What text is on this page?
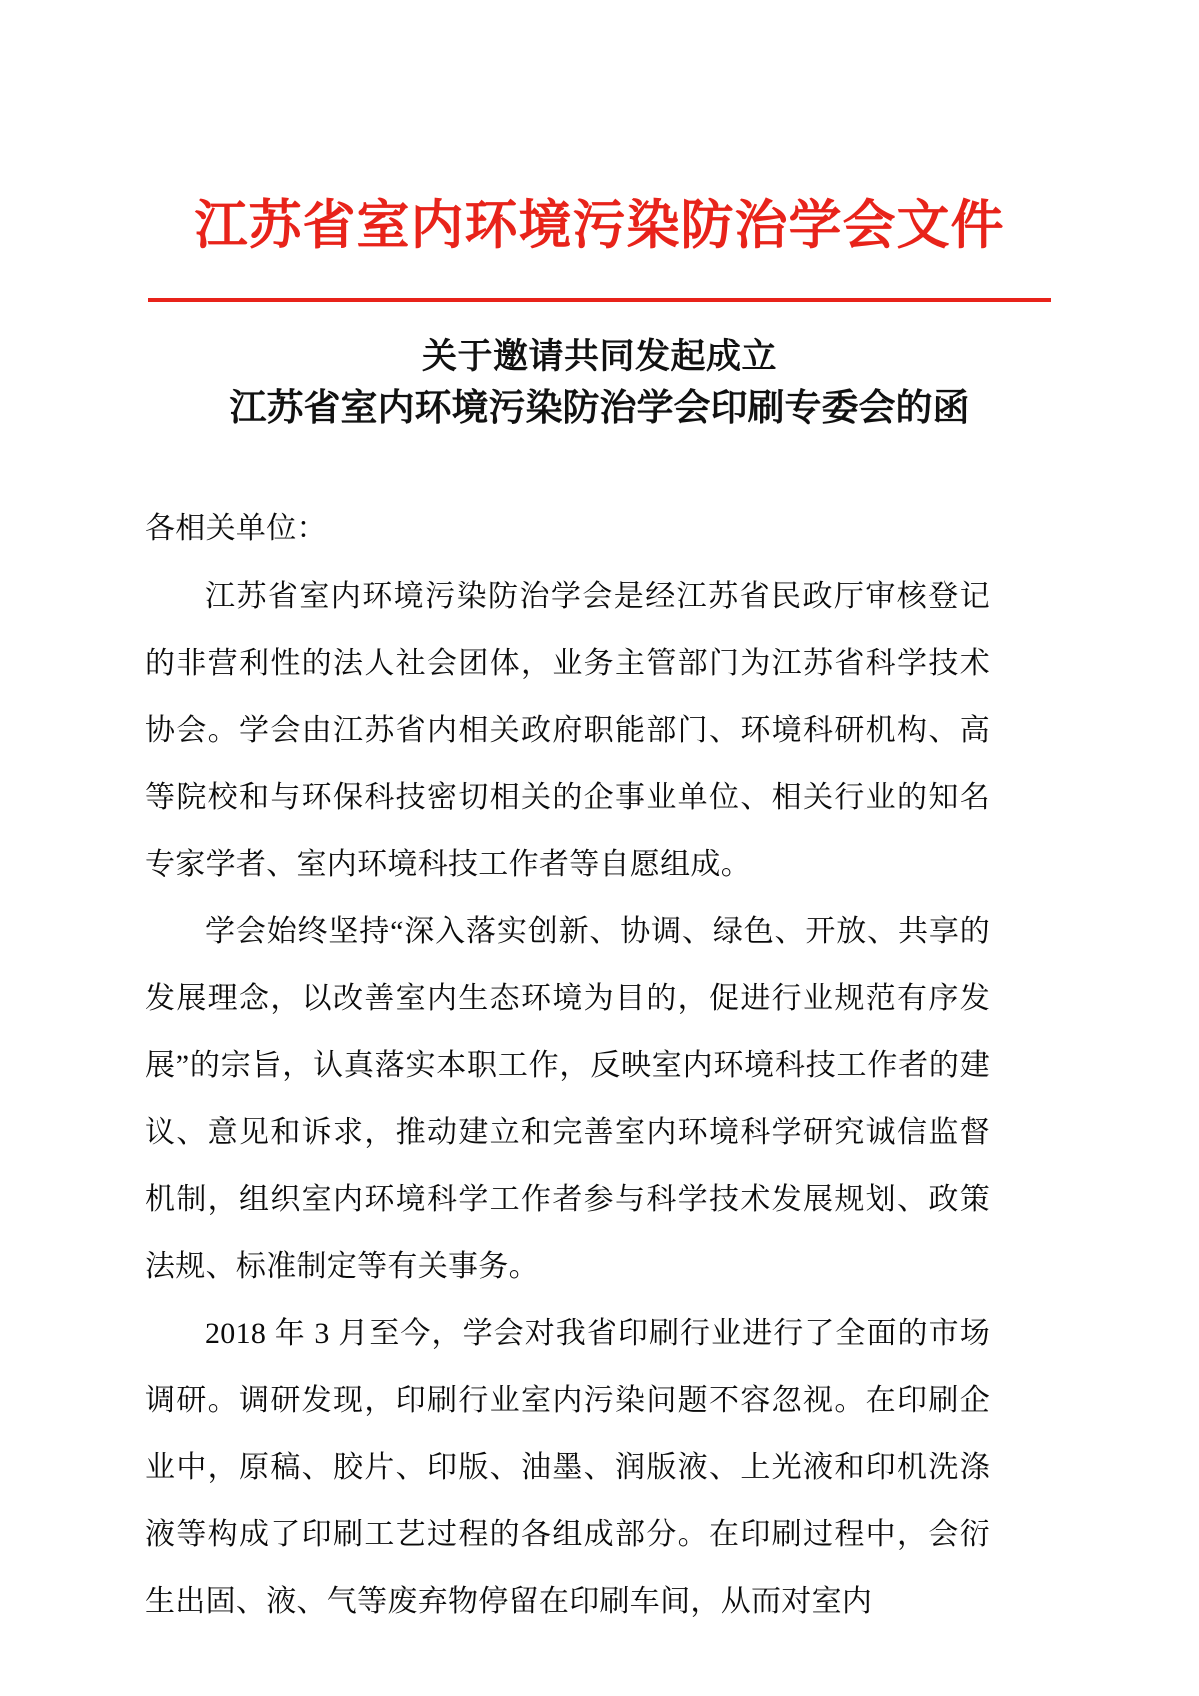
江苏省室内环境污染防治学会文件
关于邀请共同发起成立
江苏省室内环境污染防治学会印刷专委会的函

各相关单位：

江苏省室内环境污染防治学会是经江苏省民政厅审核登记的非营利性的法人社会团体，业务主管部门为江苏省科学技术协会。学会由江苏省内相关政府职能部门、环境科研机构、高等院校和与环保科技密切相关的企事业单位、相关行业的知名专家学者、室内环境科技工作者等自愿组成。

学会始终坚持“深入落实创新、协调、绿色、开放、共享的发展理念，以改善室内生态环境为目的，促进行业规范有序发展”的宗旨，认真落实本职工作，反映室内环境科技工作者的建议、意见和诉求，推动建立和完善室内环境科学研究诚信监督机制，组织室内环境科学工作者参与科学技术发展规划、政策法规、标准制定等有关事务。

2018 年 3 月至今，学会对我省印刷行业进行了全面的市场调研。调研发现，印刷行业室内污染问题不容忽视。在印刷企业中，原稿、胶片、印版、油墨、润版液、上光液和印机洗涤液等构成了印刷工艺过程的各组成部分。在印刷过程中，会衍生出固、液、气等废弃物停留在印刷车间，从而对室内
